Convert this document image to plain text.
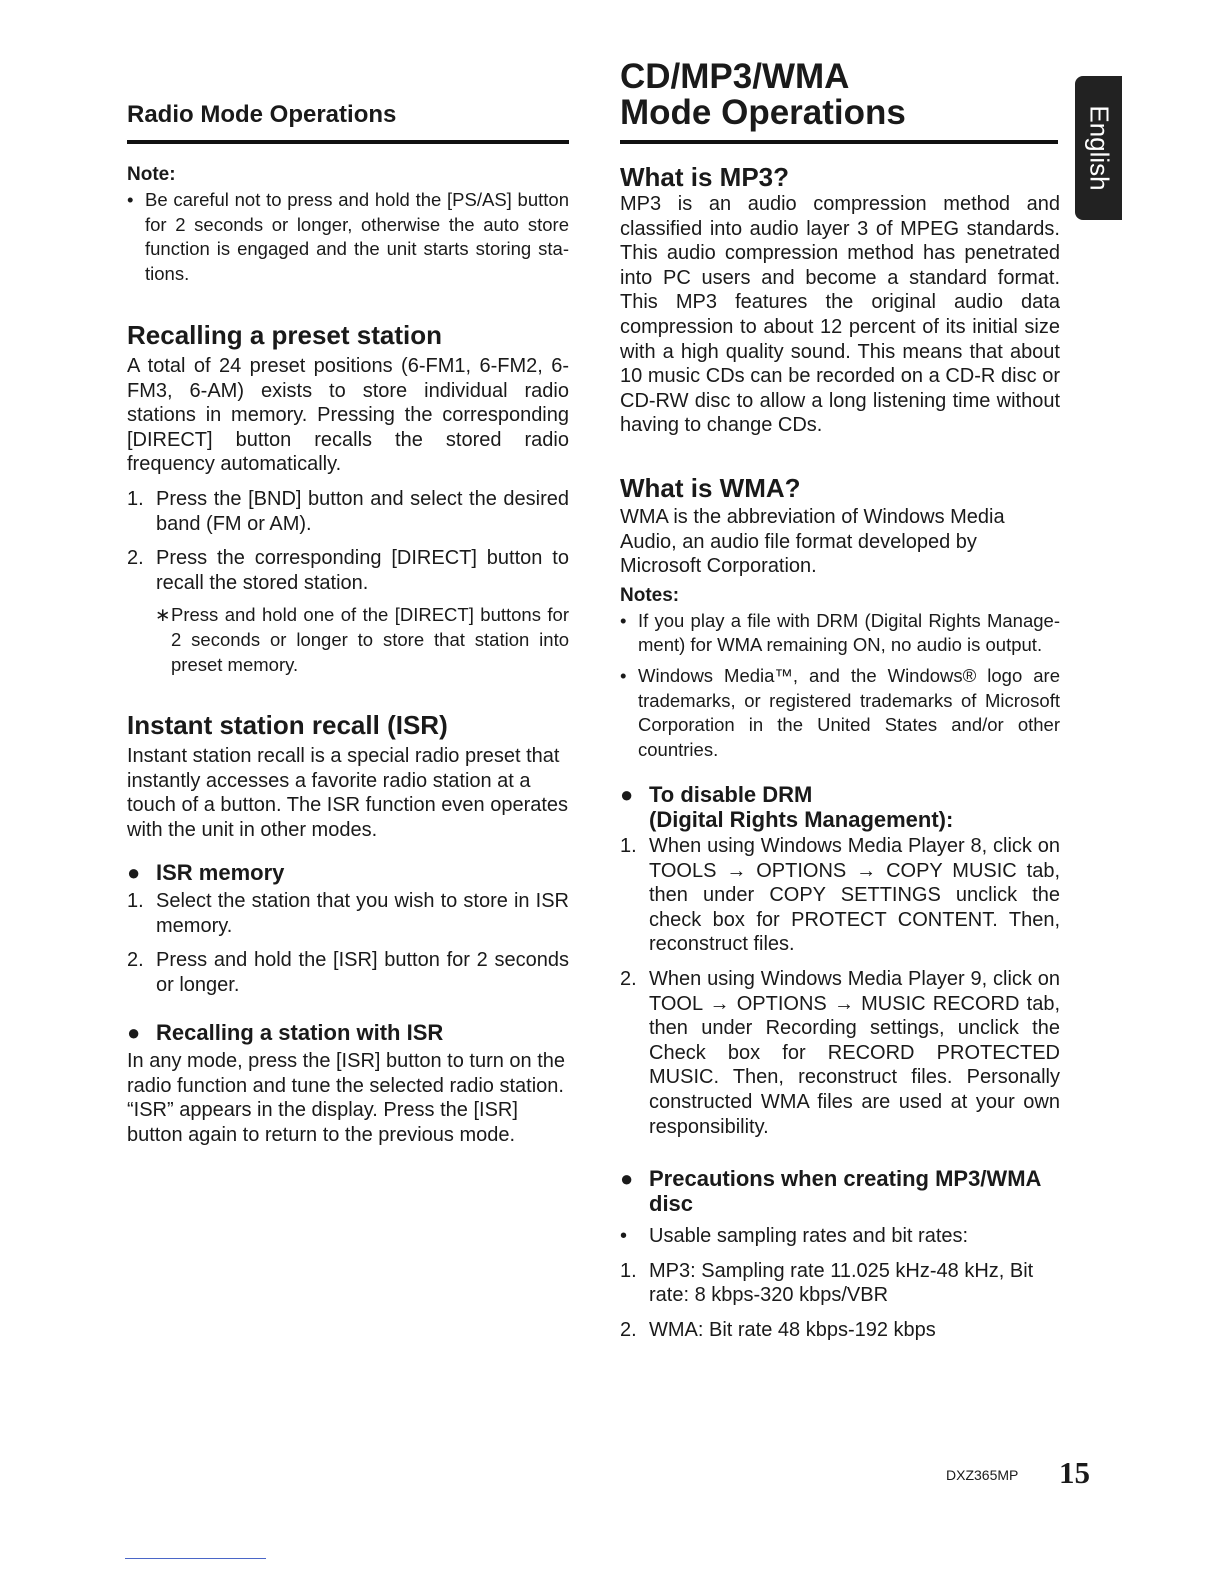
Radio Mode Operations

Note:

• Be careful not to press and hold the [PS/AS] button for 2 seconds or longer, otherwise the auto store function is engaged and the unit starts storing sta-tions.
Recalling a preset station

A total of 24 preset positions (6-FM1, 6-FM2, 6-FM3, 6-AM) exists to store individual radio stations in memory. Pressing the corresponding [DIRECT] button recalls the stored radio frequency automatically.

1. Press the [BND] button and select the desired band (FM or AM).
2. Press the corresponding [DIRECT] button to recall the stored station.
∗ Press and hold one of the [DIRECT] buttons for 2 seconds or longer to store that station into preset memory.
Instant station recall (ISR)

Instant station recall is a special radio preset that instantly accesses a favorite radio station at a touch of a button. The ISR function even operates with the unit in other modes.

● ISR memory
1. Select the station that you wish to store in ISR memory.
2. Press and hold the [ISR] button for 2 seconds or longer.
● Recalling a station with ISR

In any mode, press the [ISR] button to turn on the radio function and tune the selected radio station. “ISR” appears in the display. Press the [ISR] button again to return to the previous mode.

CD/MP3/WMA
Mode Operations
What is MP3?

MP3 is an audio compression method and classified into audio layer 3 of MPEG standards. This audio compression method has penetrated into PC users and become a standard format. This MP3 features the original audio data compression to about 12 percent of its initial size with a high quality sound. This means that about 10 music CDs can be recorded on a CD-R disc or CD-RW disc to allow a long listening time without having to change CDs.

What is WMA?

WMA is the abbreviation of Windows Media Audio, an audio file format developed by Microsoft Corporation.

Notes:

• If you play a file with DRM (Digital Rights Manage-ment) for WMA remaining ON, no audio is output.
• Windows Media™, and the Windows® logo are trademarks, or registered trademarks of Microsoft Corporation in the United States and/or other countries.
● To disable DRM
(Digital Rights Management):
1. When using Windows Media Player 8, click on TOOLS → OPTIONS → COPY MUSIC tab, then under COPY SETTINGS unclick the check box for PROTECT CONTENT. Then, reconstruct files.
2. When using Windows Media Player 9, click on TOOL → OPTIONS → MUSIC RECORD tab, then under Recording settings, unclick the Check box for RECORD PROTECTED MUSIC. Then, reconstruct files. Personally constructed WMA files are used at your own responsibility.
● Precautions when creating MP3/WMA
disc
• Usable sampling rates and bit rates:
1. MP3: Sampling rate 11.025 kHz-48 kHz, Bit rate: 8 kbps-320 kbps/VBR
2. WMA: Bit rate 48 kbps-192 kbps
English
DXZ365MP 15
